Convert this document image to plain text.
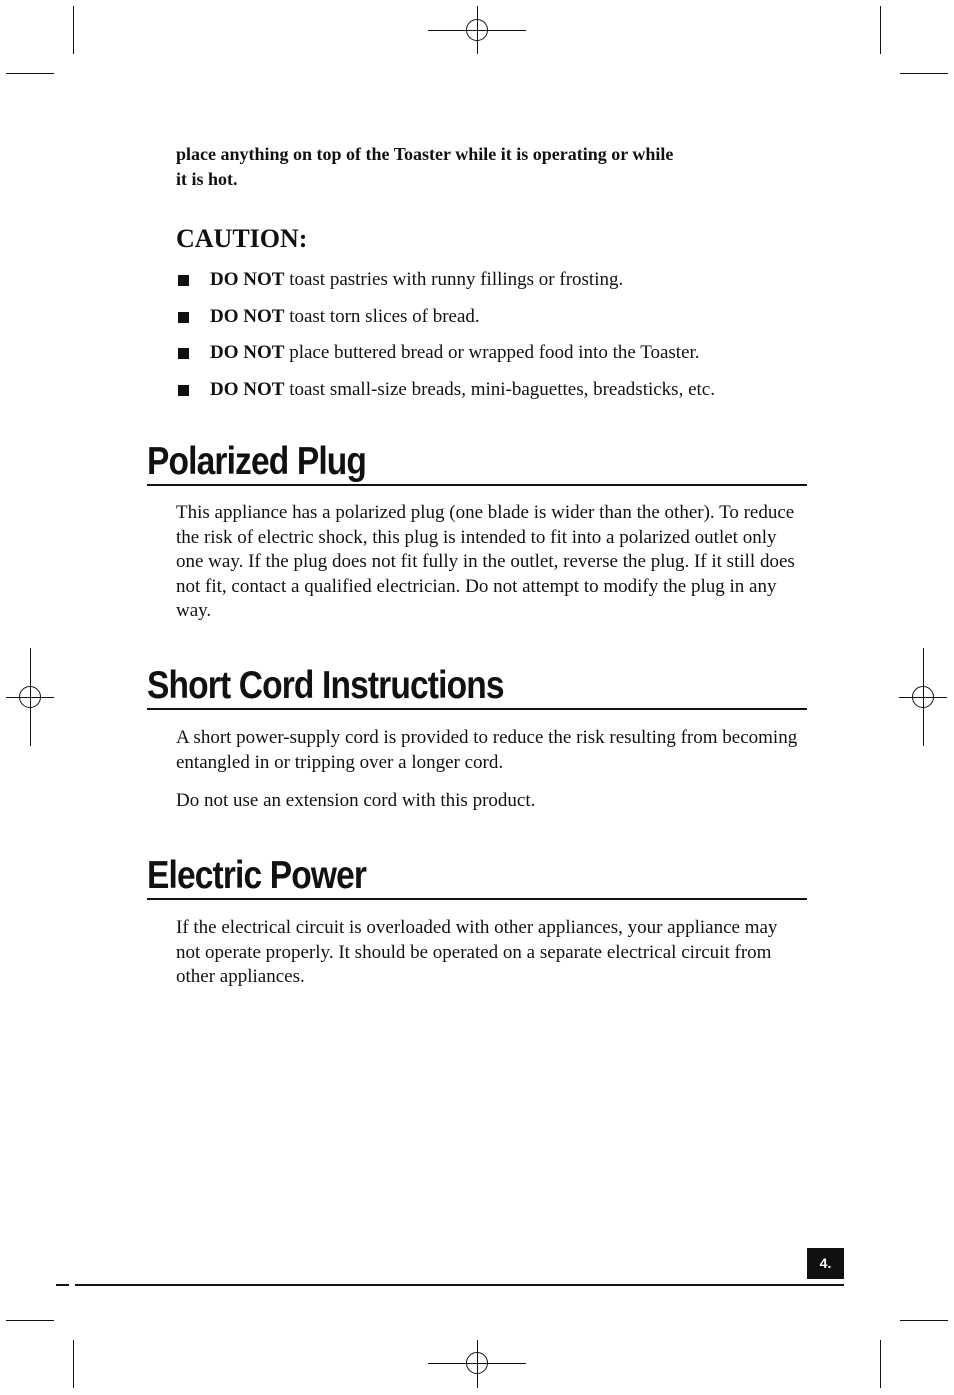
place anything on top of the Toaster while it is operating or while
it is hot.
CAUTION:
DO NOT toast pastries with runny fillings or frosting.
DO NOT toast torn slices of bread.
DO NOT place buttered bread or wrapped food into the Toaster.
DO NOT toast small-size breads, mini-baguettes, breadsticks, etc.
Polarized Plug

This appliance has a polarized plug (one blade is wider than the other). To reduce the risk of electric shock, this plug is intended to fit into a polarized outlet only one way. If the plug does not fit fully in the outlet, reverse the plug. If it still does not fit, contact a qualified electrician. Do not attempt to modify the plug in any way.

Short Cord Instructions

A short power-supply cord is provided to reduce the risk resulting from becoming entangled in or tripping over a longer cord.

Do not use an extension cord with this product.

Electric Power

If the electrical circuit is overloaded with other appliances, your appliance may not operate properly. It should be operated on a separate electrical circuit from other appliances.

4.
